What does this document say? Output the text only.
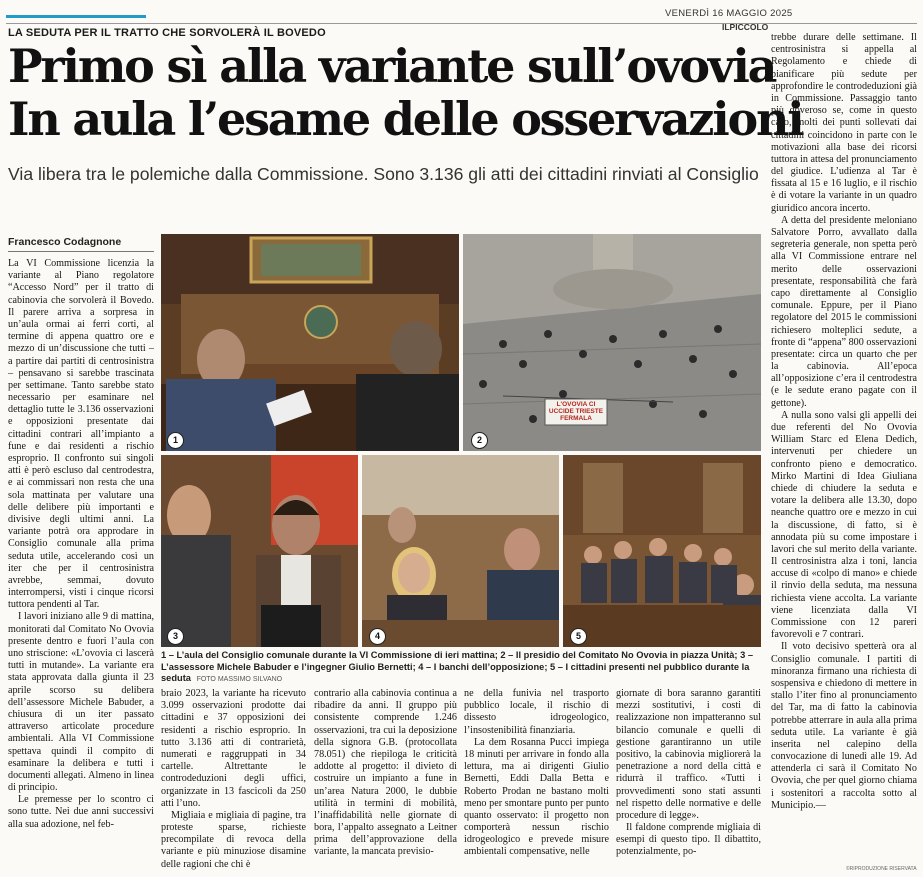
VENERDÌ 16 MAGGIO 2025
ILPICCOLO
LA SEDUTA PER IL TRATTO CHE SORVOLERÀ IL BOVEDO
Primo sì alla variante sull’ovovia
In aula l’esame delle osservazioni
Via libera tra le polemiche dalla Commissione. Sono 3.136 gli atti dei cittadini rinviati al Consiglio
Francesco Codagnone
1
L'OVOVIA CI UCCIDE TRIESTE FERMALA
2
3	4	5
1 – L’aula del Consiglio comunale durante la VI Commissione di ieri mattina; 2 – Il presidio del Comitato No Ovovia in piazza Unità; 3 – L’assessore Michele Babuder e l’ingegner Giulio Bernetti; 4 – I banchi dell’opposizione; 5 – I cittadini presenti nel pubblico durante la seduta FOTO MASSIMO SILVANO

La VI Commissione licenzia la variante al Piano regolatore “Accesso Nord” per il tratto di cabinovia che sorvolerà il Bovedo. Il parere arriva a sorpresa in un’aula ormai ai ferri corti, al termine di appena quattro ore e mezzo di un’discussione che tutti – a partire dai partiti di centrosinistra – pensavano si sarebbe trascinata per settimane. Tanto sarebbe stato necessario per esaminare nel dettaglio tutte le 3.136 osservazioni e opposizioni presentate dai cittadini contrari all’impianto a fune e dai residenti a rischio esproprio. Il confronto sui singoli atti è però escluso dal centrodestra, e ai commissari non resta che una sola mattinata per valutare una delle delibere più importanti e divisive degli ultimi anni. La variante potrà ora approdare in Consiglio comunale alla prima seduta utile, accelerando così un iter che per il centrosinistra avrebbe, semmai, dovuto interrompersi, visti i cinque ricorsi tuttora pendenti al Tar.

I lavori iniziano alle 9 di mattina, monitorati dal Comitato No Ovovia presente dentro e fuori l’aula con uno striscione: «L’ovovia ci lascerà tutti in mutande». La variante era stata approvata dalla giunta il 23 aprile scorso su delibera dell’assessore Michele Babuder, a chiusura di un iter passato attraverso articolate procedure ambientali. Alla VI Commissione spettava quindi il compito di esaminare la delibera e tutti i documenti allegati. Almeno in linea di principio.

Le premesse per lo scontro ci sono tutte. Nei due anni successivi alla sua adozione, nel feb-

braio 2023, la variante ha ricevuto 3.099 osservazioni prodotte dai cittadini e 37 opposizioni dei residenti a rischio esproprio. In tutto 3.136 atti di contrarietà, numerati e raggruppati in 34 cartelle. Altrettante le controdeduzioni degli uffici, organizzate in 13 fascicoli da 250 atti l’uno.

Migliaia e migliaia di pagine, tra proteste sparse, richieste precompilate di revoca della variante e più minuziose disamine delle ragioni che chi è

contrario alla cabinovia continua a ribadire da anni. Il gruppo più consistente comprende 1.246 osservazioni, tra cui la deposizione della signora G.B. (protocollata 78.051) che riepiloga le criticità addotte al progetto: il divieto di costruire un impianto a fune in un’area Natura 2000, le dubbie utilità in termini di mobilità, l’inaffidabilità nelle giornate di bora, l’appalto assegnato a Leitner prima dell’approvazione della variante, la mancata previsio-

ne della funivia nel trasporto pubblico locale, il rischio di dissesto idrogeologico, l’insostenibilità finanziaria.

La dem Rosanna Pucci impiega 18 minuti per arrivare in fondo alla lettura, ma ai dirigenti Giulio Bernetti, Eddi Dalla Betta e Roberto Prodan ne bastano molti meno per smontare punto per punto quanto osservato: il progetto non comporterà nessun rischio idrogeologico e prevede misure ambientali compensative, nelle

giornate di bora saranno garantiti mezzi sostitutivi, i costi di realizzazione non impatteranno sul bilancio comunale e quelli di gestione garantiranno un utile positivo, la cabinovia migliorerà la penetrazione a nord della città e ridurrà il traffico. «Tutti i provvedimenti sono stati assunti nel rispetto delle normative e delle procedure di legge».

Il faldone comprende migliaia di esempi di questo tipo. Il dibattito, potenzialmente, po-

trebbe durare delle settimane. Il centrosinistra si appella al Regolamento e chiede di pianificare più sedute per approfondire le controdeduzioni già in Commissione. Passaggio tanto più doveroso se, come in questo caso, molti dei punti sollevati dai cittadini coincidono in parte con le motivazioni alla base dei ricorsi tuttora in attesa del pronunciamento del giudice. L’udienza al Tar è fissata al 15 e 16 luglio, e il rischio è di votare la variante in un quadro giuridico ancora incerto.

A detta del presidente meloniano Salvatore Porro, avvallato dalla segreteria generale, non spetta però alla VI Commissione entrare nel merito delle osservazioni presentate, responsabilità che farà capo direttamente al Consiglio comunale. Eppure, per il Piano regolatore del 2015 le commissioni richiesero molteplici sedute, a fronte di “appena” 800 osservazioni presentate: circa un quarto che per la cabinovia. All’epoca all’opposizione c’era il centrodestra (e le sedute erano pagate con il gettone).

A nulla sono valsi gli appelli dei due referenti del No Ovovia William Starc ed Elena Dedich, intervenuti per chiedere un confronto pieno e democratico. Mirko Martini di Idea Giuliana chiede di chiudere la seduta e votare la delibera alle 13.30, dopo neanche quattro ore e mezzo in cui la discussione, di fatto, si è annodata più su come impostare i lavori che sul merito della variante. Il centrosinistra alza i toni, lancia accuse di «colpo di mano» e chiede il rinvio della seduta, ma nessuna richiesta viene accolta. La variante viene licenziata dalla VI Commissione con 12 pareri favorevoli e 7 contrari.

Il voto decisivo spetterà ora al Consiglio comunale. I partiti di minoranza firmano una richiesta di sospensiva e chiedono di mettere in stallo l’iter fino al pronunciamento del Tar, ma di fatto la cabinovia potrebbe atterrare in aula alla prima seduta utile. La variante è già inserita nel calepino della convocazione di lunedì alle 19. Ad attenderla ci sarà il Comitato No Ovovia, che per quel giorno chiama i sostenitori a raccolta sotto al Municipio.—

©RIPRODUZIONE RISERVATA
